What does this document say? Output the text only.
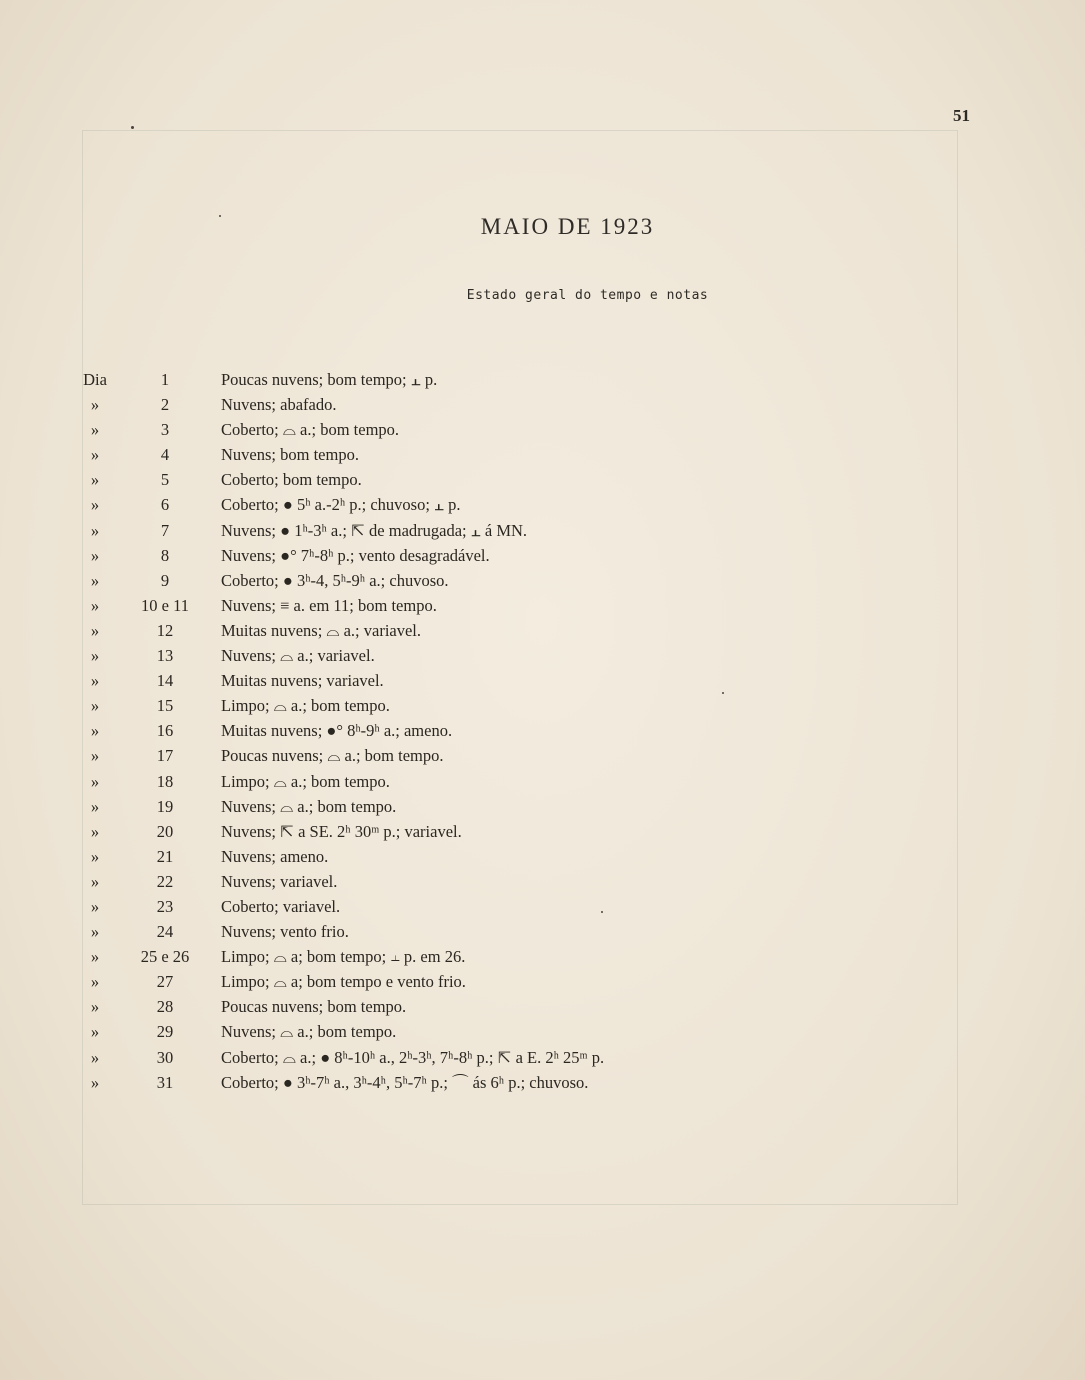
51
MAIO DE 1923
Estado geral do tempo e notas
Dia	1	Poucas nuvens; bom tempo; ⫠ p.
»	2	Nuvens; abafado.
»	3	Coberto; ⌓ a.; bom tempo.
»	4	Nuvens; bom tempo.
»	5	Coberto; bom tempo.
»	6	Coberto; ● 5ʰ a.-2ʰ p.; chuvoso; ⫠ p.
»	7	Nuvens; ● 1ʰ-3ʰ a.; ⇱ de madrugada; ⫠ á MN.
»	8	Nuvens; ●° 7ʰ-8ʰ p.; vento desagradável.
»	9	Coberto; ● 3ʰ-4, 5ʰ-9ʰ a.; chuvoso.
»	10 e 11	Nuvens; ≡ a. em 11; bom tempo.
»	12	Muitas nuvens; ⌓ a.; variavel.
»	13	Nuvens; ⌓ a.; variavel.
»	14	Muitas nuvens; variavel.
»	15	Limpo; ⌓ a.; bom tempo.
»	16	Muitas nuvens; ●° 8ʰ-9ʰ a.; ameno.
»	17	Poucas nuvens; ⌓ a.; bom tempo.
»	18	Limpo; ⌓ a.; bom tempo.
»	19	Nuvens; ⌓ a.; bom tempo.
»	20	Nuvens; ⇱ a SE. 2ʰ 30ᵐ p.; variavel.
»	21	Nuvens; ameno.
»	22	Nuvens; variavel.
»	23	Coberto; variavel.
»	24	Nuvens; vento frio.
»	25 e 26	Limpo; ⌓ a; bom tempo; ⫠ p. em 26.
»	27	Limpo; ⌓ a; bom tempo e vento frio.
»	28	Poucas nuvens; bom tempo.
»	29	Nuvens; ⌓ a.; bom tempo.
»	30	Coberto; ⌓ a.; ● 8ʰ-10ʰ a., 2ʰ-3ʰ, 7ʰ-8ʰ p.; ⇱ a E. 2ʰ 25ᵐ p.
»	31	Coberto; ● 3ʰ-7ʰ a., 3ʰ-4ʰ, 5ʰ-7ʰ p.; ⌒ ás 6ʰ p.; chuvoso.
